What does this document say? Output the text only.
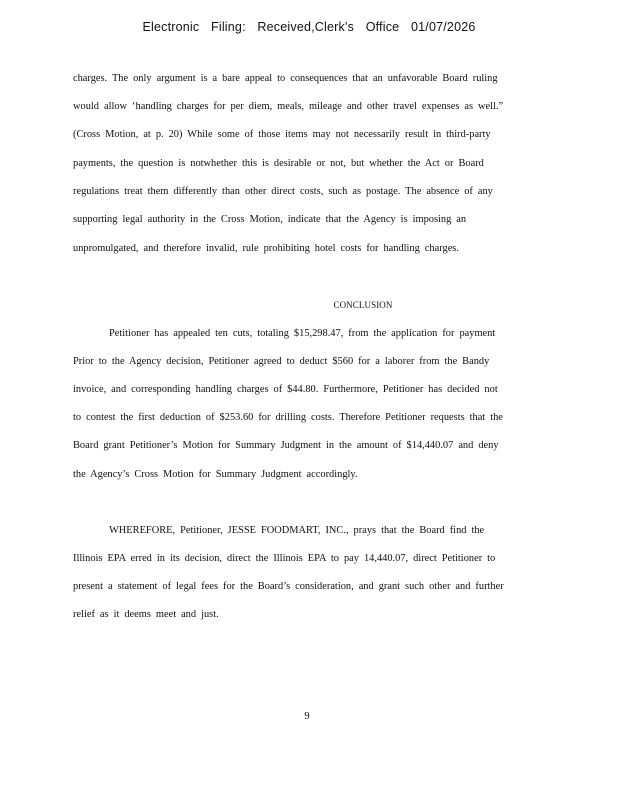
Electronic Filing: Received,Clerk's Office 01/07/2026
charges. The only argument is a bare appeal to consequences that an unfavorable Board ruling
would allow ‘handling charges for per diem, meals, mileage and other travel expenses as well.”
(Cross Motion, at p. 20) While some of those items may not necessarily result in third-party
payments, the question is notwhether this is desirable or not, but whether the Act or Board
regulations treat them differently than other direct costs, such as postage. The absence of any
supporting legal authority in the Cross Motion, indicate that the Agency is imposing an
unpromulgated, and therefore invalid, rule prohibiting hotel costs for handling charges.
CONCLUSION
Petitioner has appealed ten cuts, totaling $15,298.47, from the application for payment
Prior to the Agency decision, Petitioner agreed to deduct $560 for a laborer from the Bandy
invoice, and corresponding handling charges of $44.80. Furthermore, Petitioner has decided not
to contest the first deduction of $253.60 for drilling costs. Therefore Petitioner requests that the
Board grant Petitioner’s Motion for Summary Judgment in the amount of $14,440.07 and deny
the Agency’s Cross Motion for Summary Judgment accordingly.
WHEREFORE, Petitioner, JESSE FOODMART, INC., prays that the Board find the
Illinois EPA erred in its decision, direct the Illinois EPA to pay 14,440.07, direct Petitioner to
present a statement of legal fees for the Board’s consideration, and grant such other and further
relief as it deems meet and just.
9
